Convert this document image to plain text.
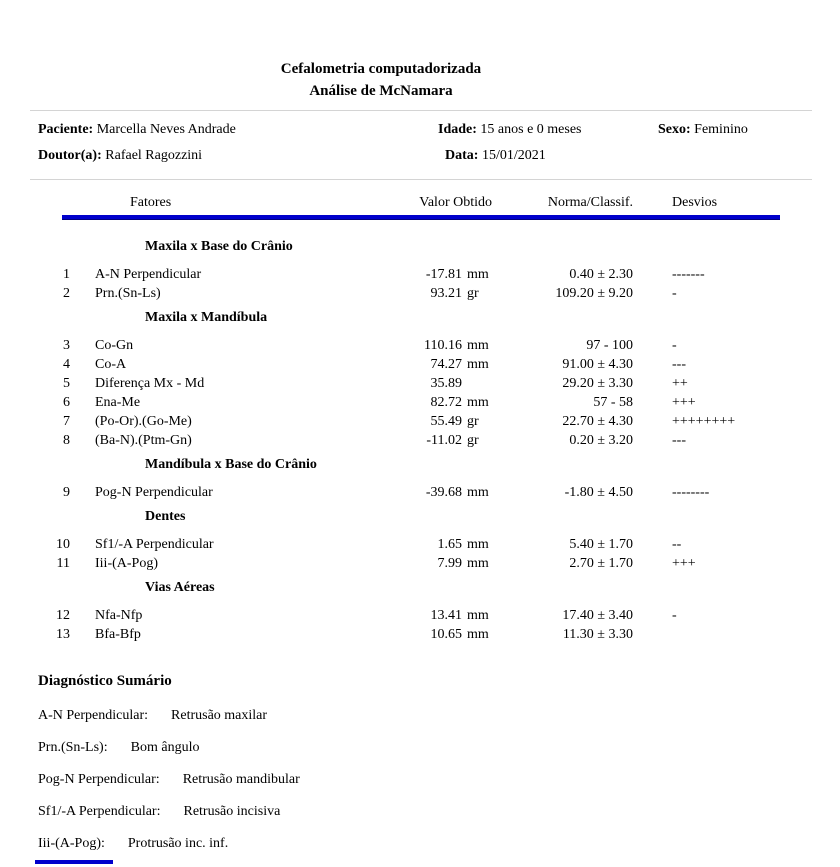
Cefalometria computadorizada
Análise de McNamara
Paciente: Marcella Neves Andrade	Idade: 15 anos e 0 meses	Sexo: Feminino
Doutor(a): Rafael Ragozzini	Data: 15/01/2021
Fatores	Valor Obtido	Norma/Classif.	Desvios
Maxila x Base do Crânio
1	A-N Perpendicular	-17.81 mm	0.40 ± 2.30	-------
2	Prn.(Sn-Ls)	93.21 gr	109.20 ± 9.20	-
Maxila x Mandíbula
3	Co-Gn	110.16 mm	97 - 100	-
4	Co-A	74.27 mm	91.00 ± 4.30	---
5	Diferença Mx - Md	35.89	29.20 ± 3.30	++
6	Ena-Me	82.72 mm	57 - 58	+++
7	(Po-Or).(Go-Me)	55.49 gr	22.70 ± 4.30	++++++++
8	(Ba-N).(Ptm-Gn)	-11.02 gr	0.20 ± 3.20	---
Mandíbula x Base do Crânio
9	Pog-N Perpendicular	-39.68 mm	-1.80 ± 4.50	--------
Dentes
10	Sf1/-A Perpendicular	1.65 mm	5.40 ± 1.70	--
11	Iii-(A-Pog)	7.99 mm	2.70 ± 1.70	+++
Vias Aéreas
12	Nfa-Nfp	13.41 mm	17.40 ± 3.40	-
13	Bfa-Bfp	10.65 mm	11.30 ± 3.30
Diagnóstico Sumário
A-N Perpendicular: Retrusão maxilar
Prn.(Sn-Ls): Bom ângulo
Pog-N Perpendicular: Retrusão mandibular
Sf1/-A Perpendicular: Retrusão incisiva
Iii-(A-Pog): Protrusão inc. inf.
